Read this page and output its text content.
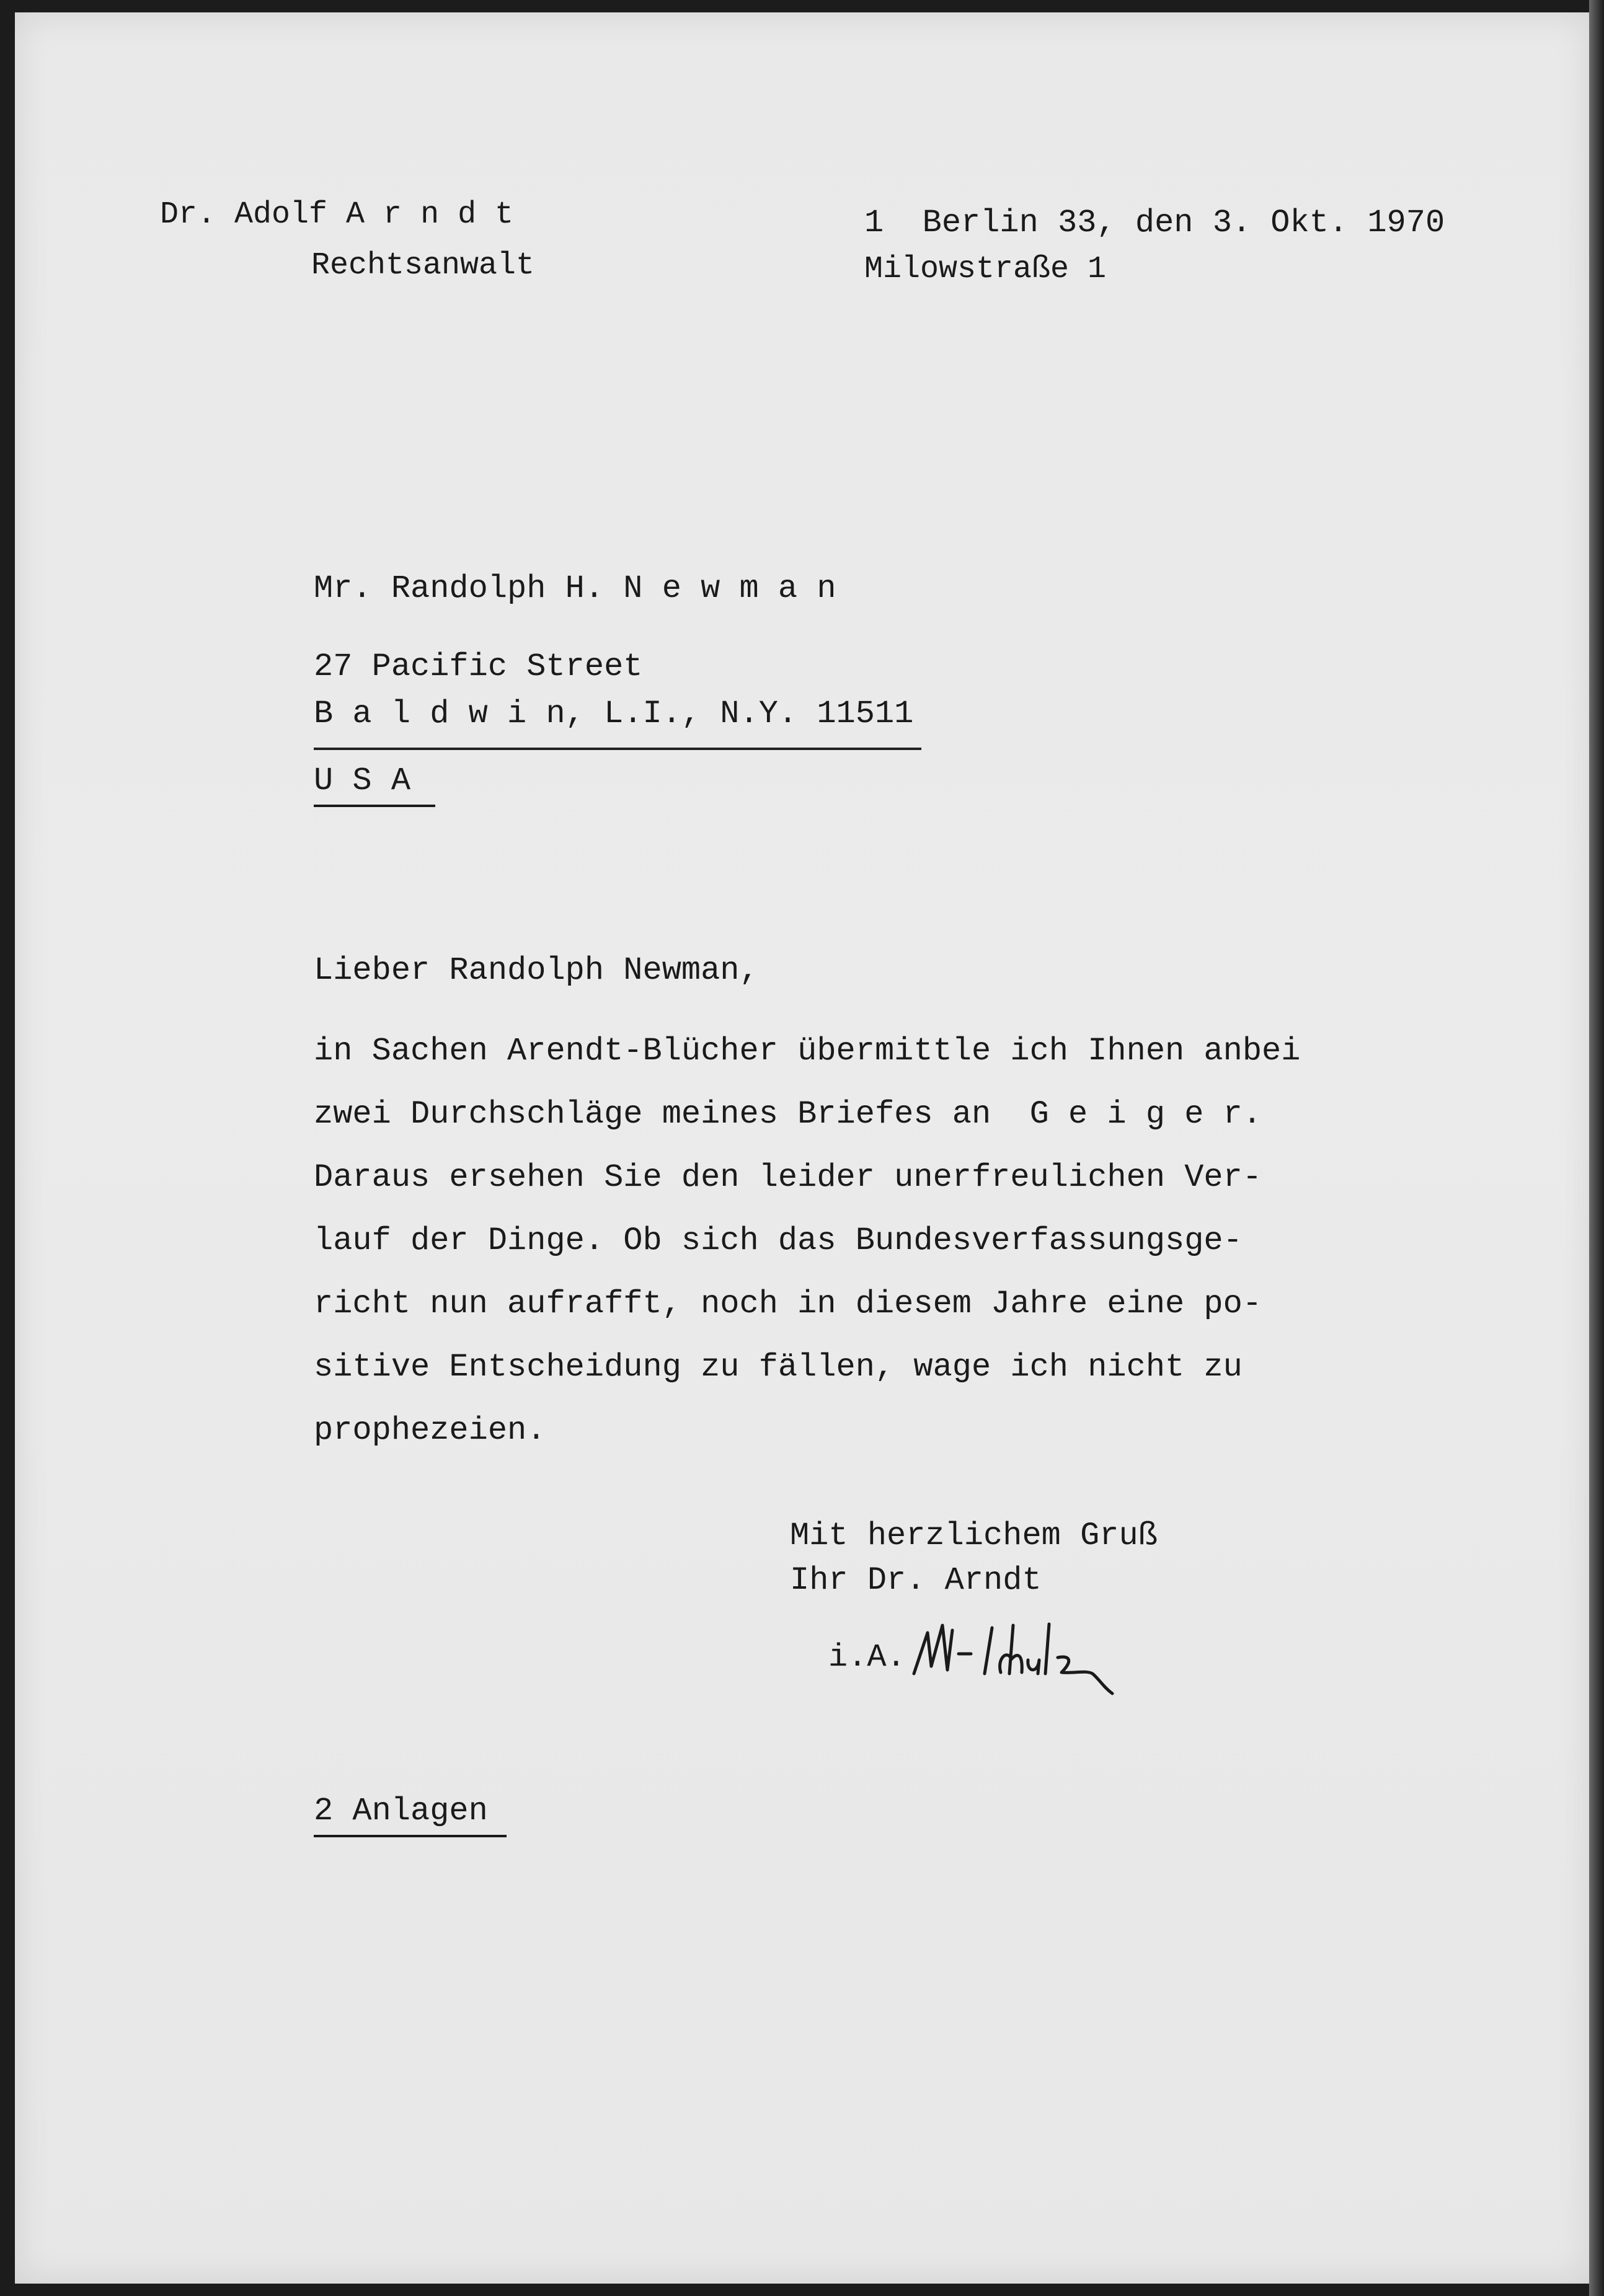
Dr. Adolf A r n d t
Rechtsanwalt
1  Berlin 33, den 3. Okt. 1970
Milowstraße 1
Mr. Randolph H. N e w m a n
27 Pacific Street
B a l d w i n, L.I., N.Y. 11511
U S A
Lieber Randolph Newman,
in Sachen Arendt-Blücher übermittle ich Ihnen anbei
zwei Durchschläge meines Briefes an  G e i g e r.
Daraus ersehen Sie den leider unerfreulichen Ver-
lauf der Dinge. Ob sich das Bundesverfassungsge-
richt nun aufrafft, noch in diesem Jahre eine po-
sitive Entscheidung zu fällen, wage ich nicht zu
prophezeien.
Mit herzlichem Gruß
Ihr Dr. Arndt
i.A.
2 Anlagen
